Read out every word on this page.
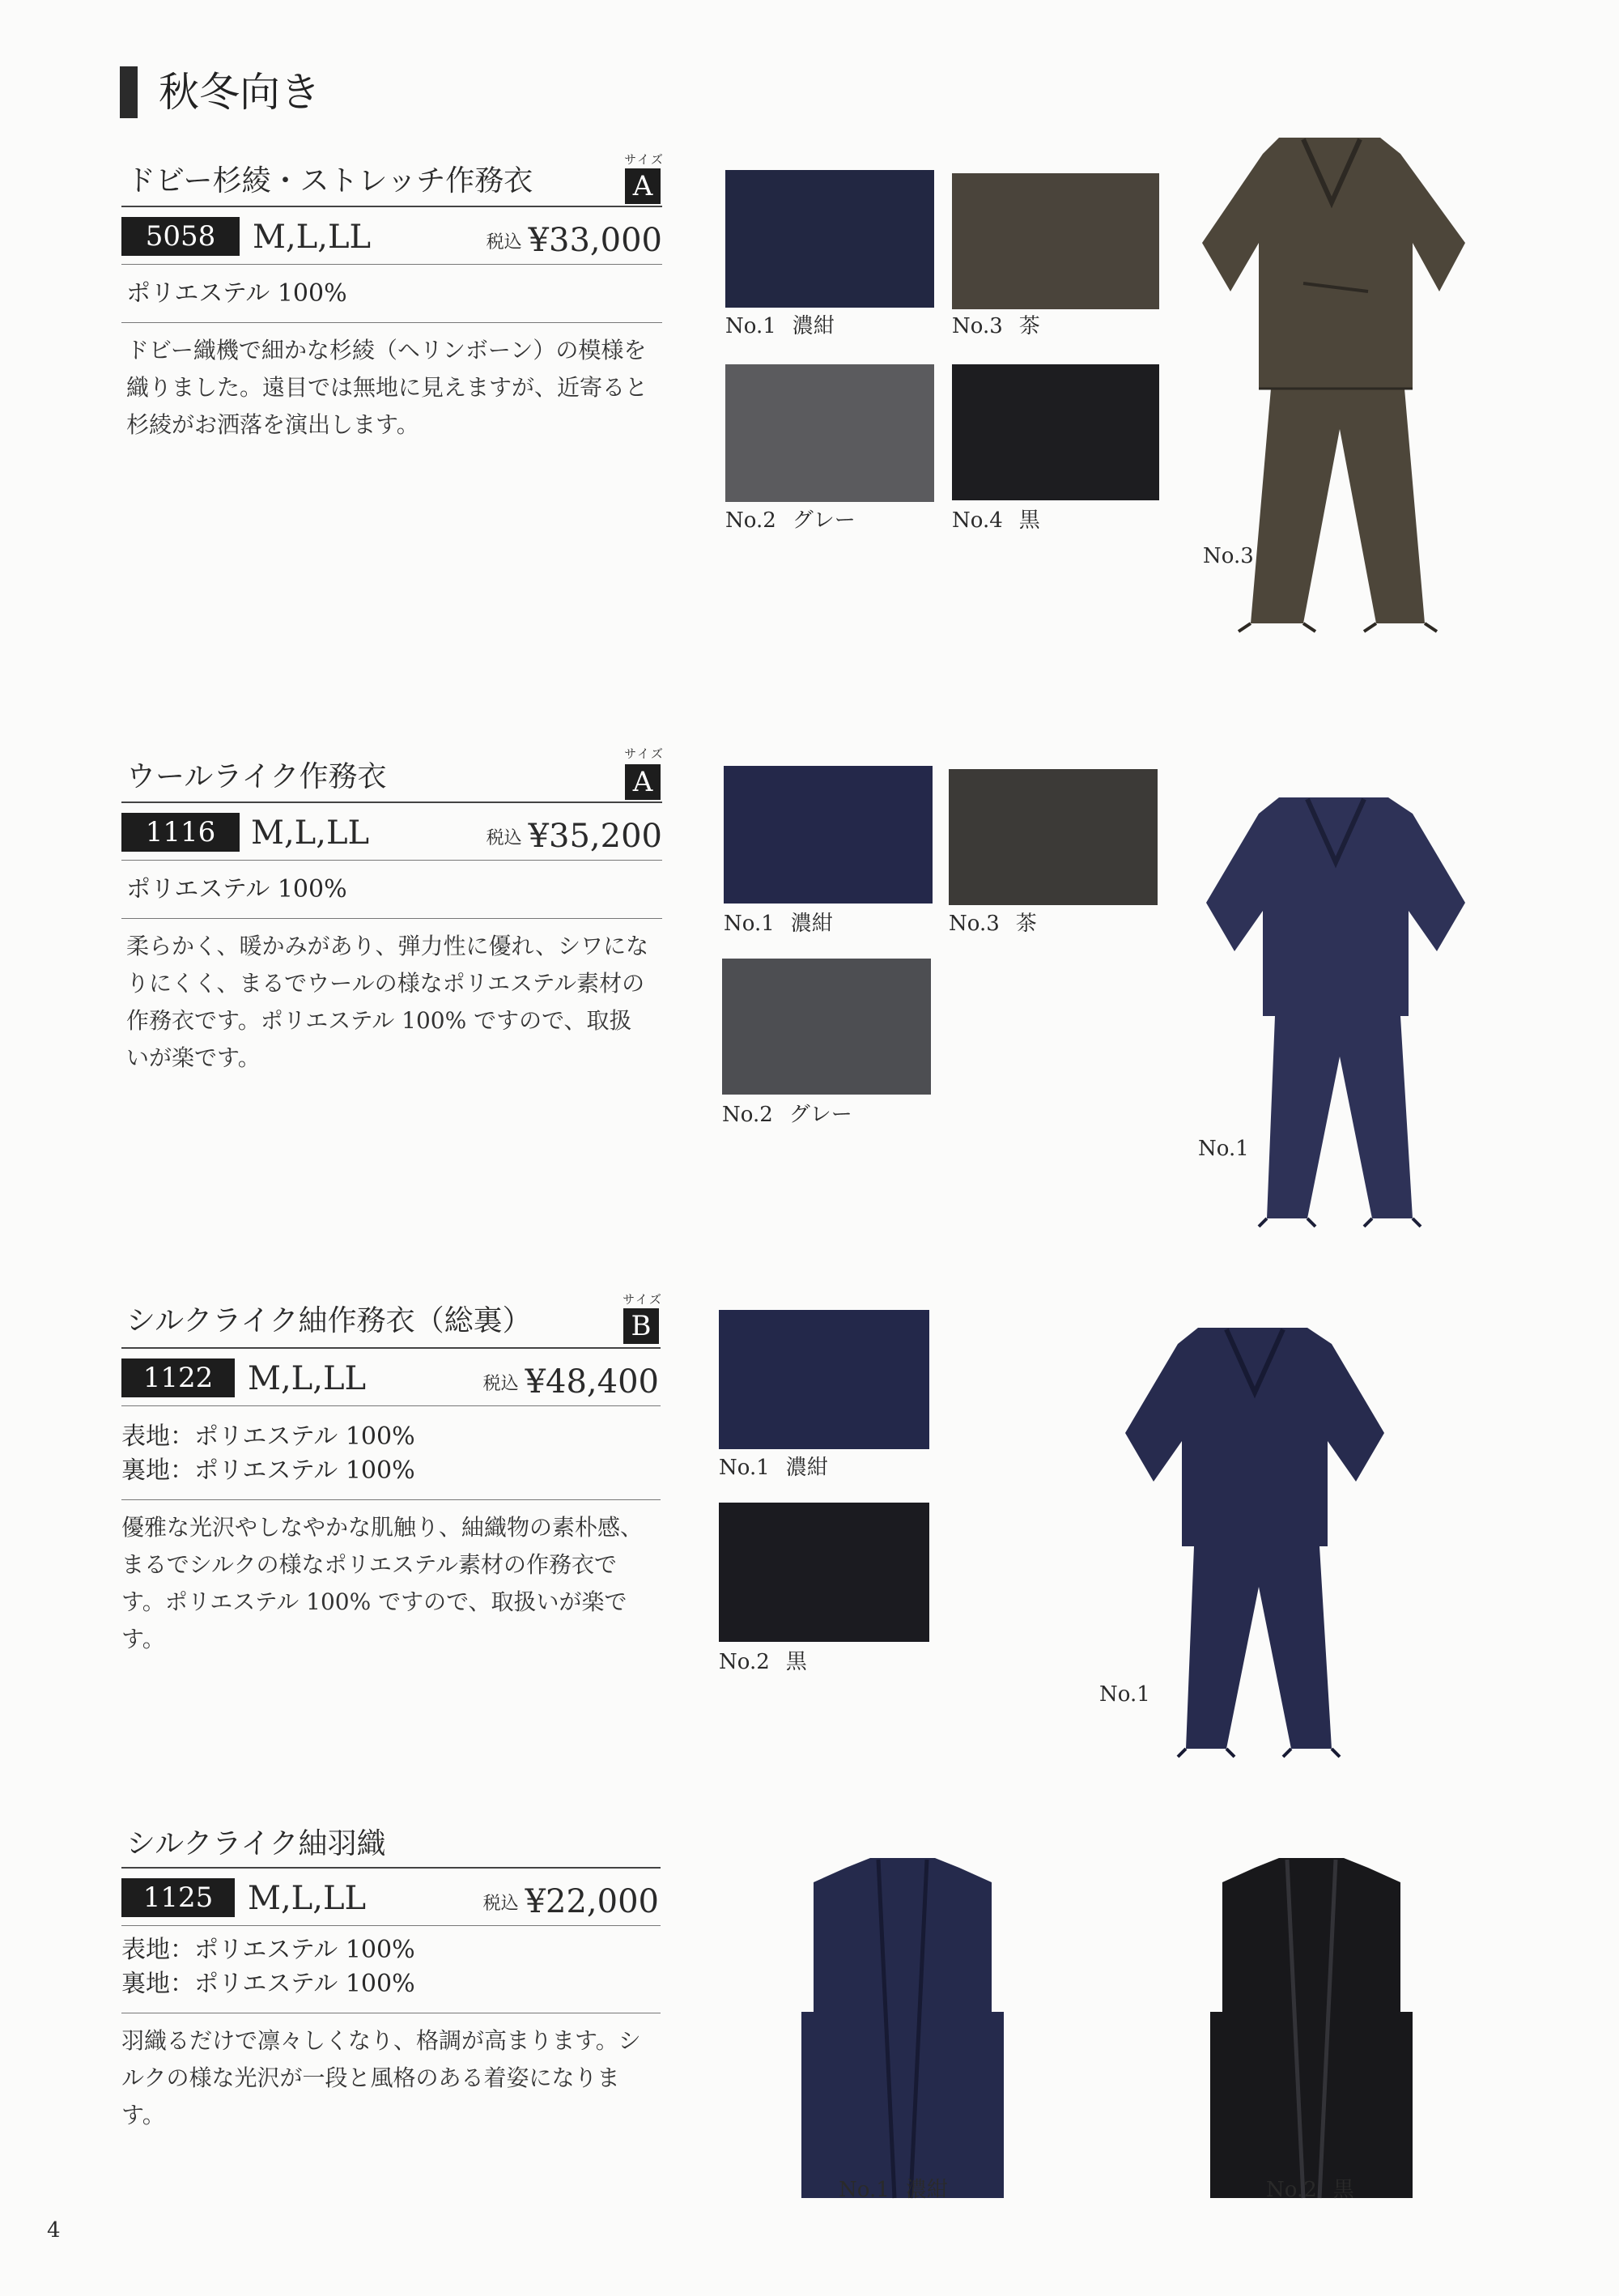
秋冬向き
ドビー杉綾・ストレッチ作務衣
サイズ
A
5058	M,L,LL	税込 ¥33,000
ポリエステル 100%
ドビー織機で細かな杉綾（ヘリンボーン）の模様を織りました。遠目では無地に見えますが、近寄ると杉綾がお洒落を演出します。
No.1 濃紺	No.3 茶
No.2 グレー	No.4 黒
No.3
ウールライク作務衣
サイズ
A
1116	M,L,LL	税込 ¥35,200
ポリエステル 100%
柔らかく、暖かみがあり、弾力性に優れ、シワになりにくく、まるでウールの様なポリエステル素材の作務衣です。ポリエステル 100% ですので、取扱いが楽です。
No.1 濃紺	No.3 茶
No.2 グレー
No.1
シルクライク紬作務衣（総裏）
サイズ
B
1122	M,L,LL	税込 ¥48,400
表地：ポリエステル 100%
裏地：ポリエステル 100%
優雅な光沢やしなやかな肌触り、紬織物の素朴感、まるでシルクの様なポリエステル素材の作務衣です。ポリエステル 100% ですので、取扱いが楽です。
No.1 濃紺
No.2 黒
No.1
シルクライク紬羽織
1125	M,L,LL	税込 ¥22,000
表地：ポリエステル 100%
裏地：ポリエステル 100%
羽織るだけで凛々しくなり、格調が高まります。シルクの様な光沢が一段と風格のある着姿になります。
No.1 濃紺	No.2 黒
4
